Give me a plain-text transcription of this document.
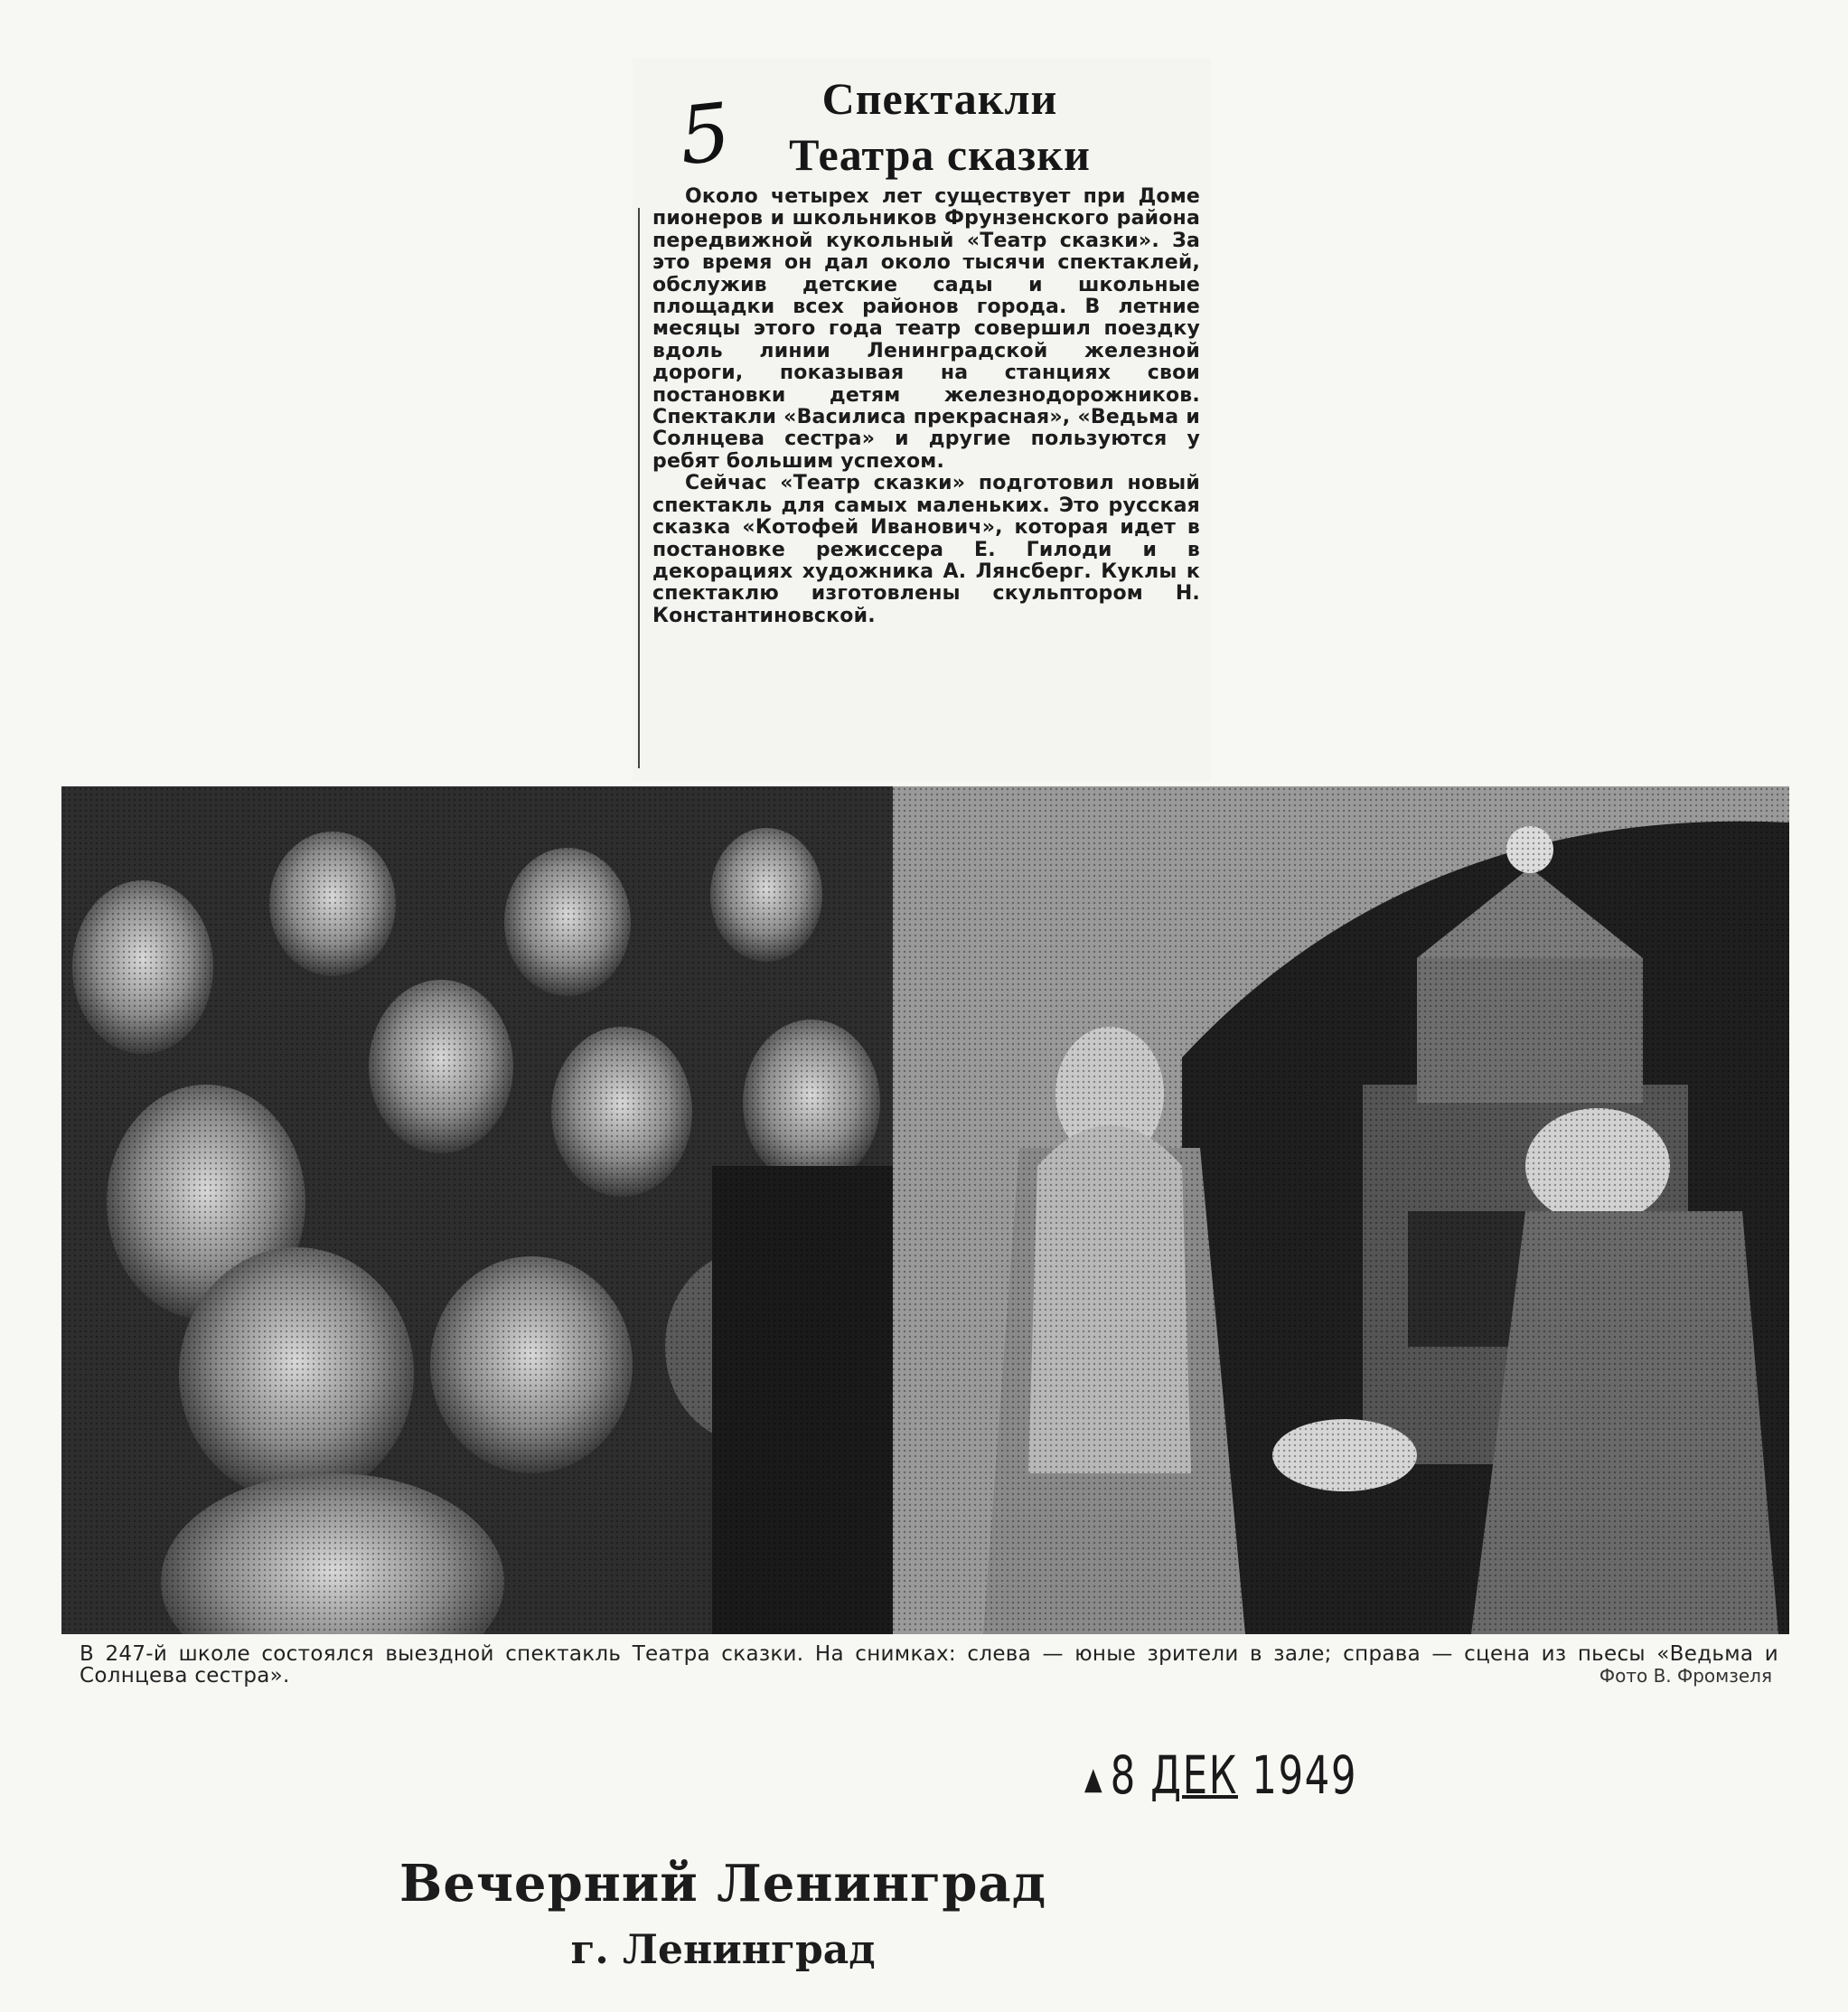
5	Спектакли
Театра сказки

Около четырех лет существует при Доме пионеров и школьников Фрунзенского района передвижной кукольный «Театр сказки». За это время он дал около тысячи спектаклей, обслужив детские сады и школьные площадки всех районов города. В летние месяцы этого года театр совершил поездку вдоль линии Ленинградской железной дороги, показывая на станциях свои постановки детям железнодорожников. Спектакли «Василиса прекрасная», «Ведьма и Солнцева сестра» и другие пользуются у ребят большим успехом.

Сейчас «Театр сказки» подготовил новый спектакль для самых маленьких. Это русская сказка «Котофей Иванович», которая идет в постановке режиссера Е. Гилоди и в декорациях художника А. Лянсберг. Куклы к спектаклю изготовлены скульптором Н. Константиновской.

В 247-й школе состоялся выездной спектакль Театра сказки. На снимках: слева — юные зрители в зале; справа — сцена из пьесы «Ведьма и Солнцева сестра».	Фото В. Фромзеля
▲ 8 ДЕК 1949
Вечерний Ленинград
г. Ленинград
